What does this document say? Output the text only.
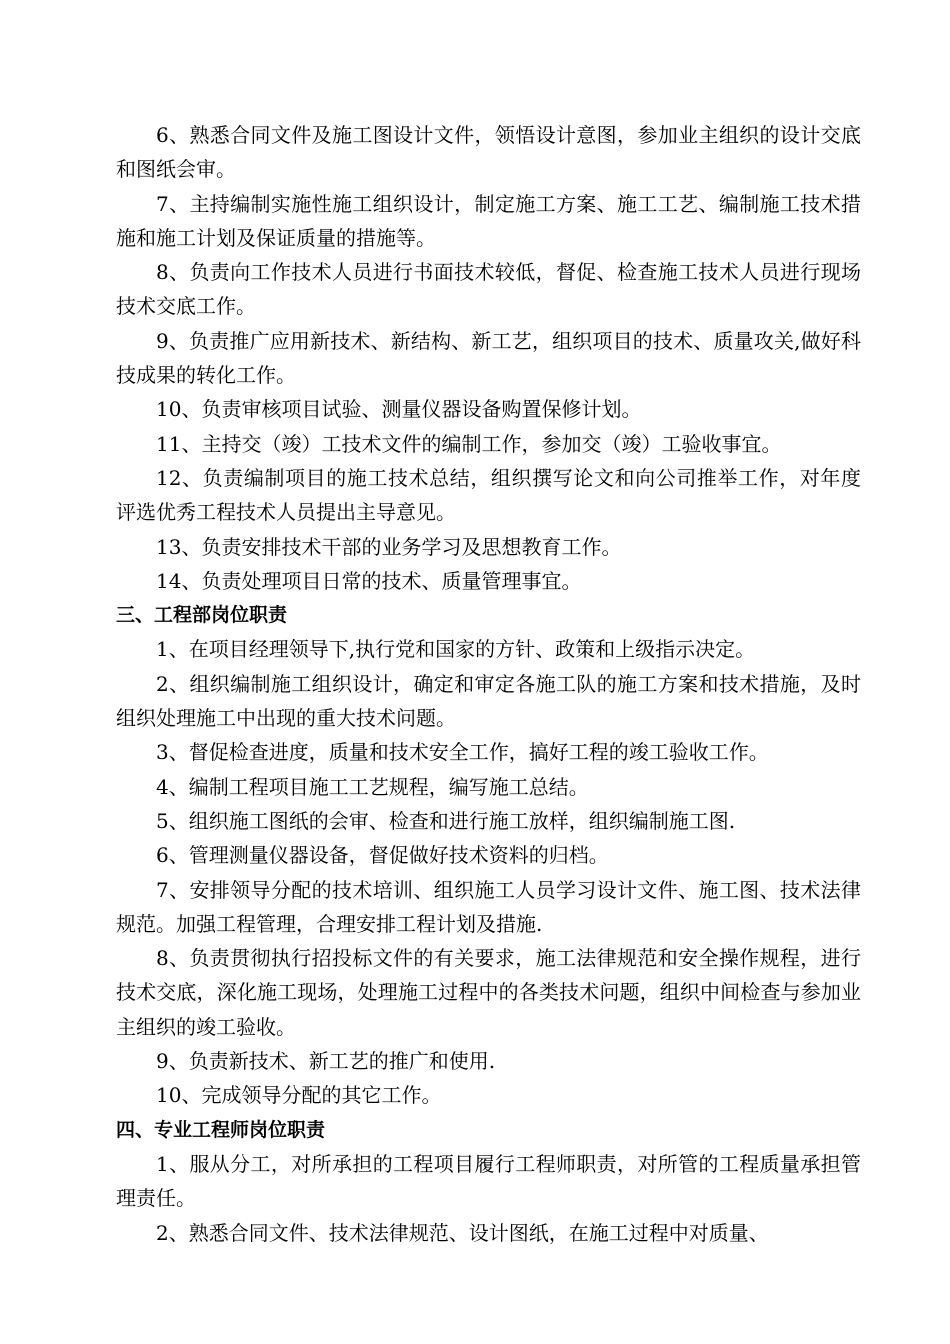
6、熟悉合同文件及施工图设计文件，领悟设计意图，参加业主组织的设计交底和图纸会审。

7、主持编制实施性施工组织设计，制定施工方案、施工工艺、编制施工技术措施和施工计划及保证质量的措施等。

8、负责向工作技术人员进行书面技术较低，督促、检查施工技术人员进行现场技术交底工作。

9、负责推广应用新技术、新结构、新工艺，组织项目的技术、质量攻关,做好科技成果的转化工作。

10、负责审核项目试验、测量仪器设备购置保修计划。

11、主持交（竣）工技术文件的编制工作，参加交（竣）工验收事宜。

12、负责编制项目的施工技术总结，组织撰写论文和向公司推举工作，对年度评选优秀工程技术人员提出主导意见。

13、负责安排技术干部的业务学习及思想教育工作。

14、负责处理项目日常的技术、质量管理事宜。

三、工程部岗位职责

1、在项目经理领导下,执行党和国家的方针、政策和上级指示决定。

2、组织编制施工组织设计，确定和审定各施工队的施工方案和技术措施，及时组织处理施工中出现的重大技术问题。

3、督促检查进度，质量和技术安全工作，搞好工程的竣工验收工作。

4、编制工程项目施工工艺规程，编写施工总结。

5、组织施工图纸的会审、检查和进行施工放样，组织编制施工图.

6、管理测量仪器设备，督促做好技术资料的归档。

7、安排领导分配的技术培训、组织施工人员学习设计文件、施工图、技术法律规范。加强工程管理，合理安排工程计划及措施.

8、负责贯彻执行招投标文件的有关要求，施工法律规范和安全操作规程，进行技术交底，深化施工现场，处理施工过程中的各类技术问题，组织中间检查与参加业主组织的竣工验收。

9、负责新技术、新工艺的推广和使用.

10、完成领导分配的其它工作。

四、专业工程师岗位职责

1、服从分工，对所承担的工程项目履行工程师职责，对所管的工程质量承担管理责任。

2、熟悉合同文件、技术法律规范、设计图纸，在施工过程中对质量、
